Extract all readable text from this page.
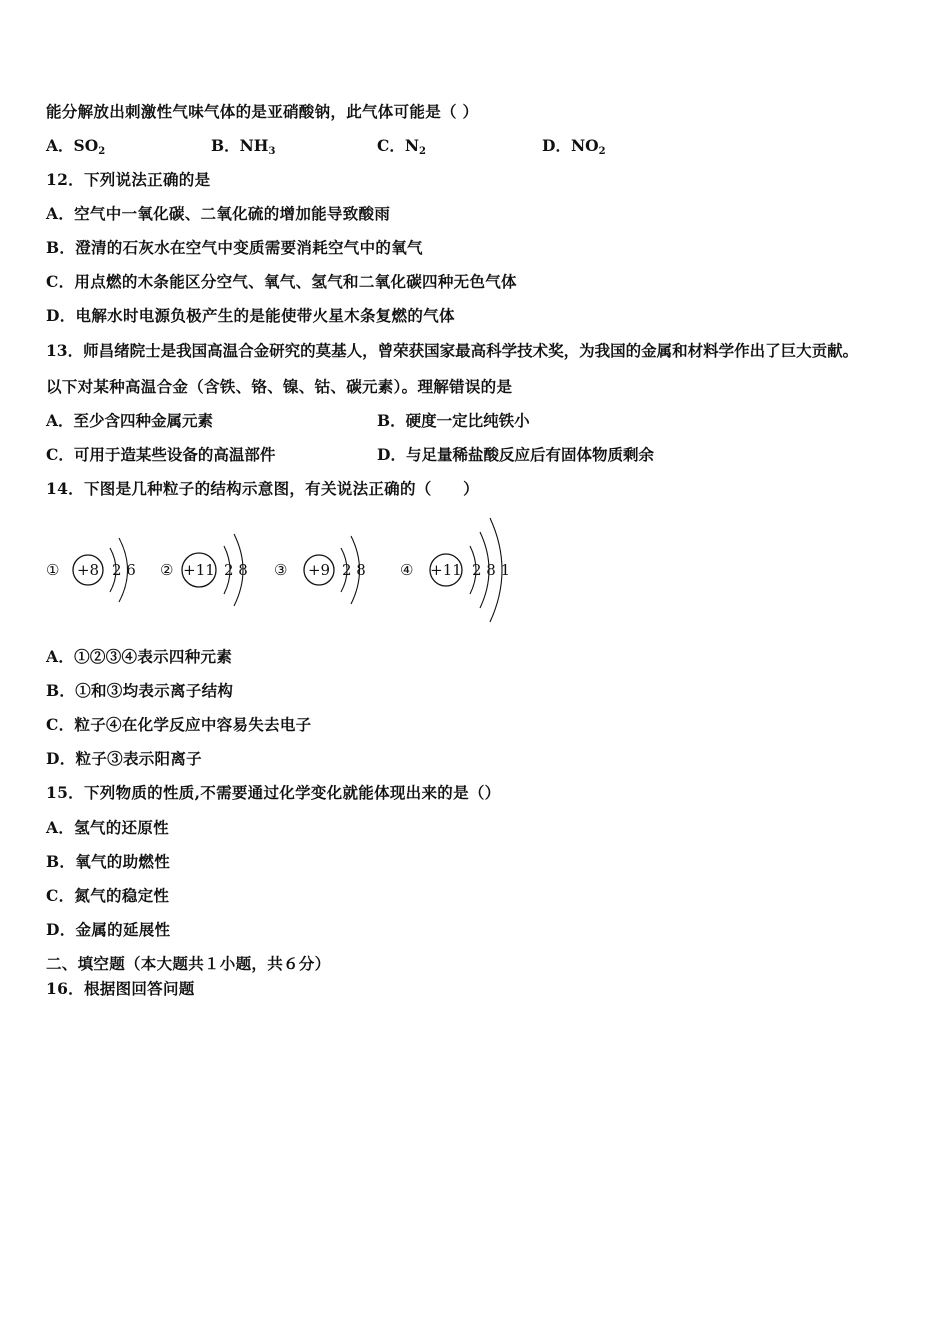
能分解放出刺激性气味气体的是亚硝酸钠，此气体可能是（ ）
A．$SO_2$	B．$NH_3$	C．$N_2$	D．$NO_2$
12．下列说法正确的是
A．空气中一氧化碳、二氧化硫的增加能导致酸雨
B．澄清的石灰水在空气中变质需要消耗空气中的氧气
C．用点燃的木条能区分空气、氧气、氢气和二氧化碳四种无色气体
D．电解水时电源负极产生的是能使带火星木条复燃的气体
13．师昌绪院士是我国高温合金研究的莫基人，曾荣获国家最高科学技术奖，为我国的金属和材料学作出了巨大贡献。
以下对某种高温合金（含铁、铬、镍、钴、碳元素）。理解错误的是
A．至少含四种金属元素	B．硬度一定比纯铁小
C．可用于造某些设备的高温部件	D．与足量稀盐酸反应后有固体物质剩余
14．下图是几种粒子的结构示意图，有关说法正确的（　　）
① +8 2 6 ② +11 2 8 ③ +9 2 8 ④ +11 2 8 1
A．①②③④表示四种元素
B．①和③均表示离子结构
C．粒子④在化学反应中容易失去电子
D．粒子③表示阳离子
15．下列物质的性质,不需要通过化学变化就能体现出来的是（）
A．氢气的还原性
B．氧气的助燃性
C．氮气的稳定性
D．金属的延展性
二、填空题（本大题共１小题，共６分）
16．根据图回答问题
